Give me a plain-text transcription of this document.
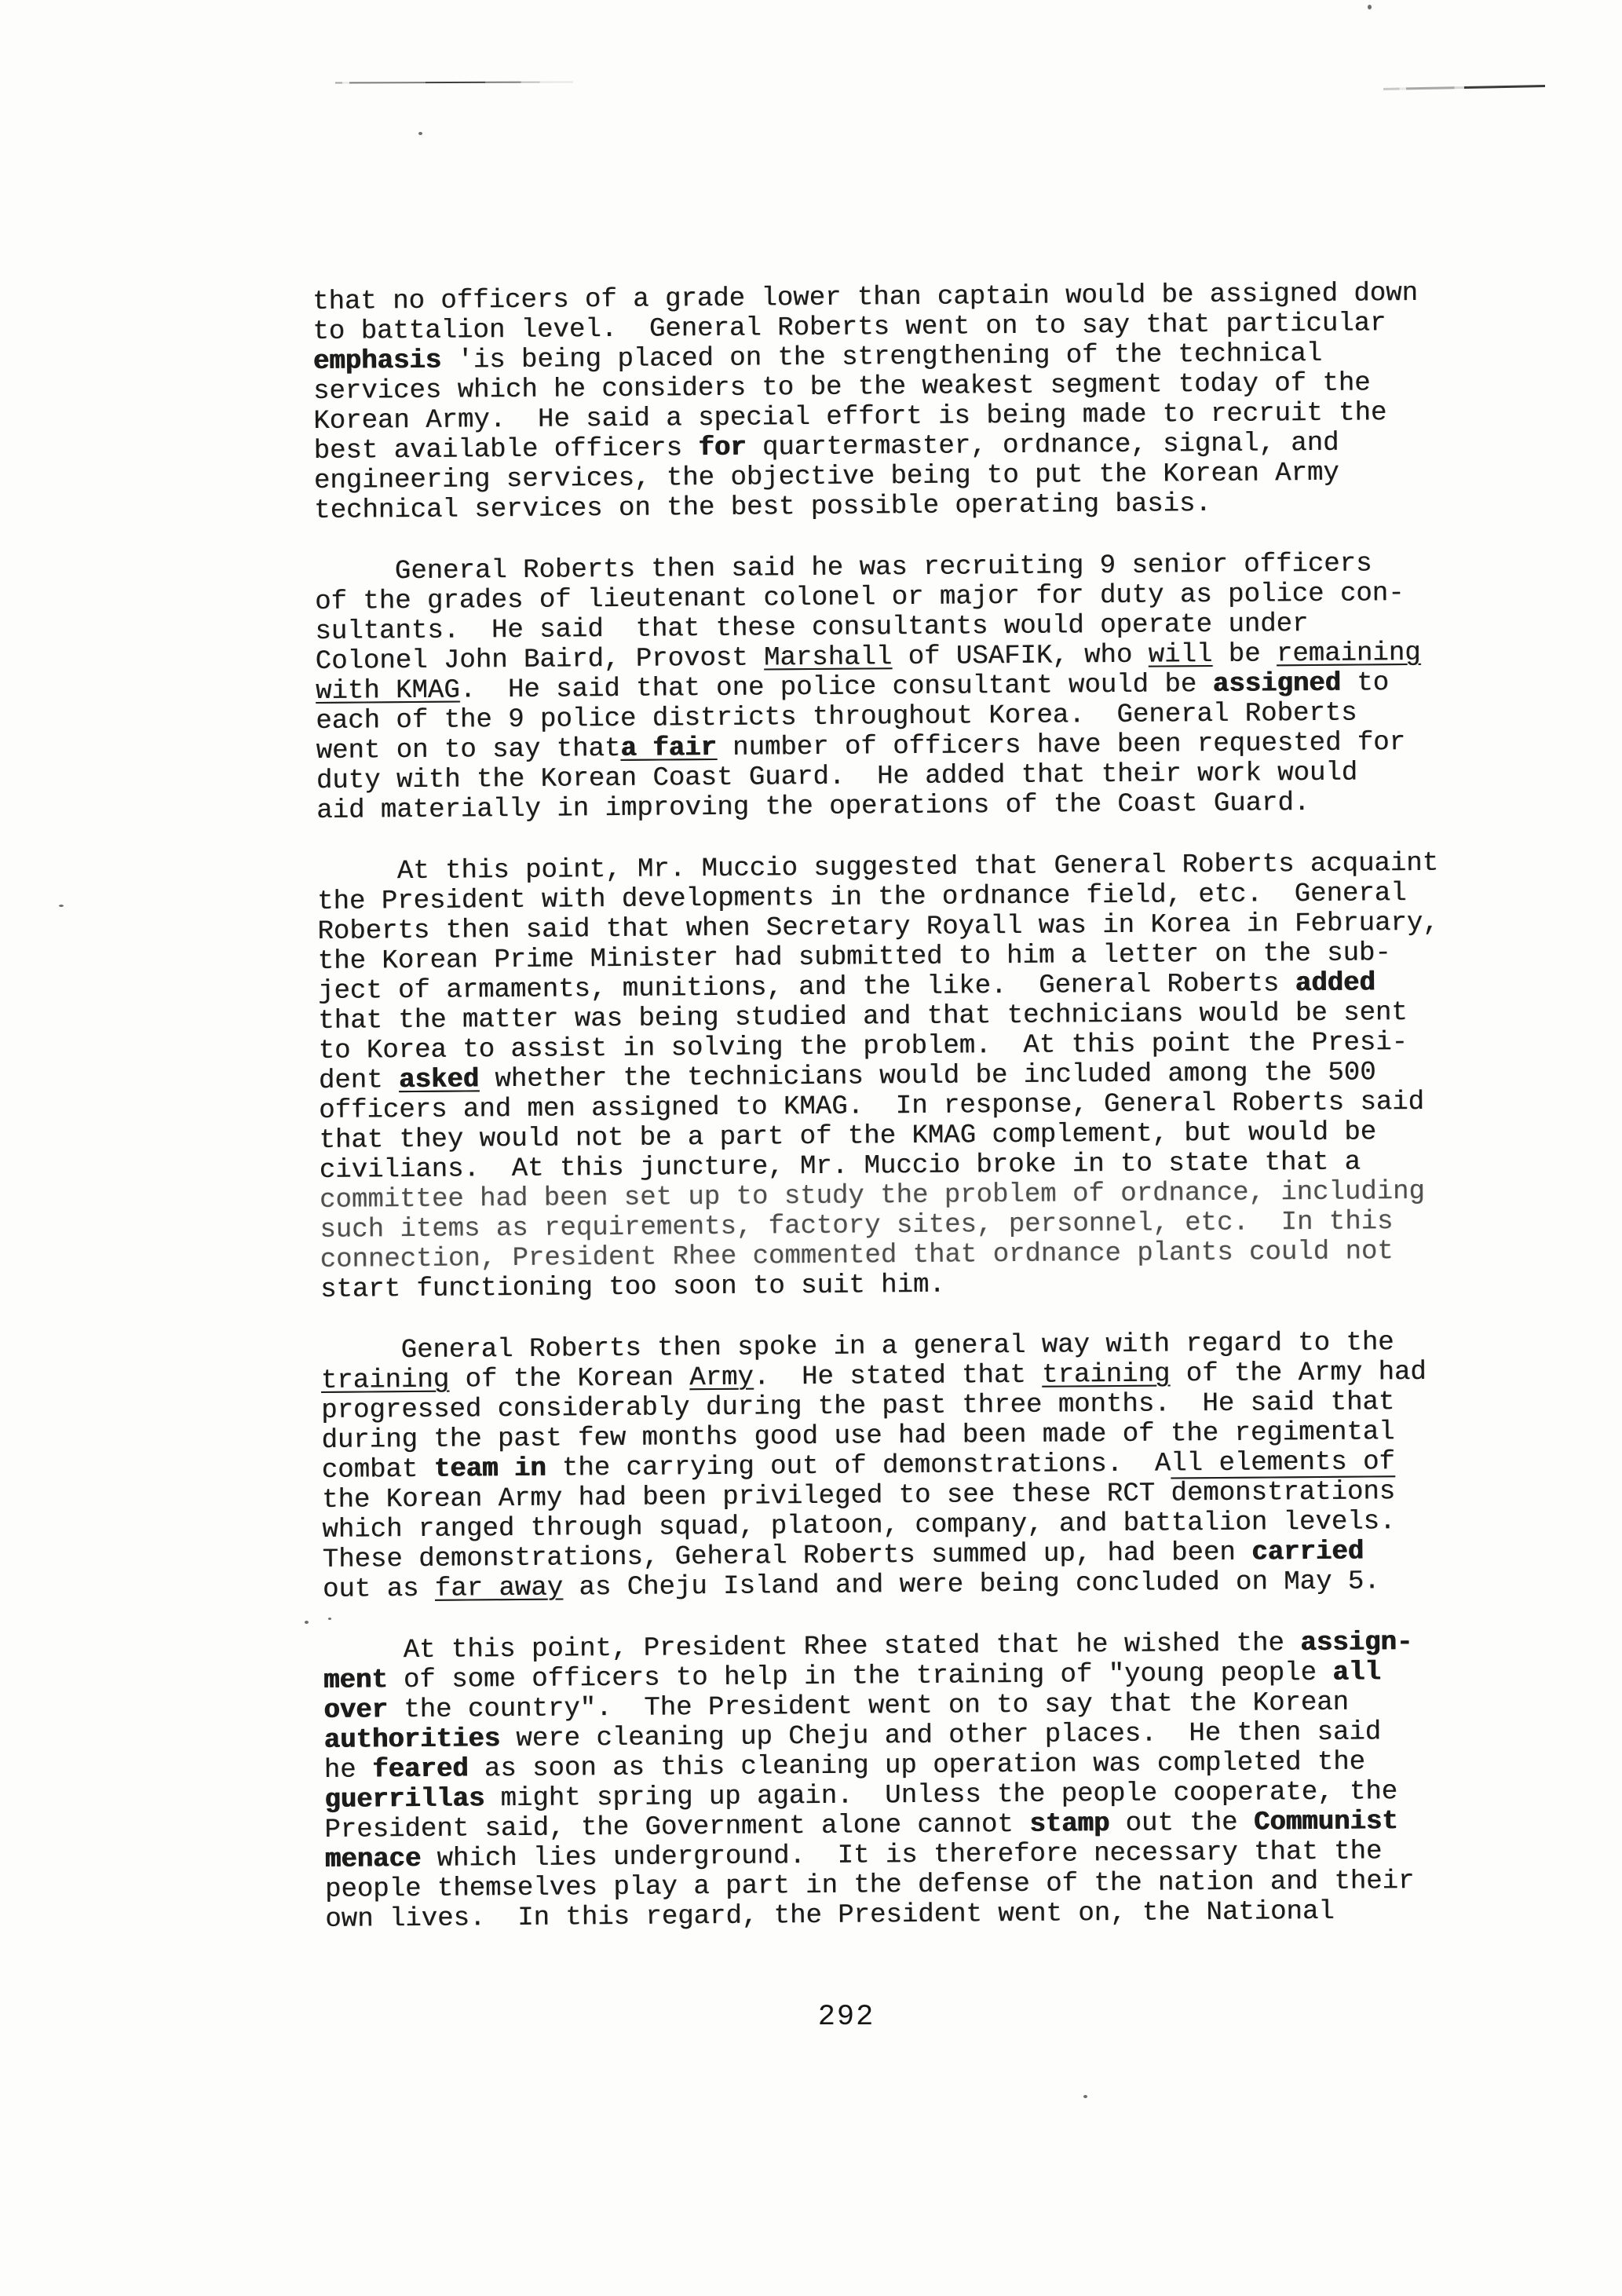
that no officers of a grade lower than captain would be assigned down
to battalion level.  General Roberts went on to say that particular
emphasis 'is being placed on the strengthening of the technical
services which he considers to be the weakest segment today of the
Korean Army.  He said a special effort is being made to recruit the
best available officers for quartermaster, ordnance, signal, and
engineering services, the objective being to put the Korean Army
technical services on the best possible operating basis.
General Roberts then said he was recruiting 9 senior officers
of the grades of lieutenant colonel or major for duty as police con-
sultants.  He said  that these consultants would operate under
Colonel John Baird, Provost Marshall of USAFIK, who will be remaining
with KMAG.  He said that one police consultant would be assigned to
each of the 9 police districts throughout Korea.  General Roberts
went on to say thata fair number of officers have been requested for
duty with the Korean Coast Guard.  He added that their work would
aid materially in improving the operations of the Coast Guard.
At this point, Mr. Muccio suggested that General Roberts acquaint
the President with developments in the ordnance field, etc.  General
Roberts then said that when Secretary Royall was in Korea in February,
the Korean Prime Minister had submitted to him a letter on the sub-
ject of armaments, munitions, and the like.  General Roberts added
that the matter was being studied and that technicians would be sent
to Korea to assist in solving the problem.  At this point the Presi-
dent asked whether the technicians would be included among the 500
officers and men assigned to KMAG.  In response, General Roberts said
that they would not be a part of the KMAG complement, but would be
civilians.  At this juncture, Mr. Muccio broke in to state that a
committee had been set up to study the problem of ordnance, including
such items as requirements, factory sites, personnel, etc.  In this
connection, President Rhee commented that ordnance plants could not
start functioning too soon to suit him.
General Roberts then spoke in a general way with regard to the
training of the Korean Army.  He stated that training of the Army had
progressed considerably during the past three months.  He said that
during the past few months good use had been made of the regimental
combat team in the carrying out of demonstrations.  All elements of
the Korean Army had been privileged to see these RCT demonstrations
which ranged through squad, platoon, company, and battalion levels.
These demonstrations, Geheral Roberts summed up, had been carried
out as far away as Cheju Island and were being concluded on May 5.
At this point, President Rhee stated that he wished the assign-
ment of some officers to help in the training of "young people all
over the country".  The President went on to say that the Korean
authorities were cleaning up Cheju and other places.  He then said
he feared as soon as this cleaning up operation was completed the
guerrillas might spring up again.  Unless the people cooperate, the
President said, the Government alone cannot stamp out the Communist
menace which lies underground.  It is therefore necessary that the
people themselves play a part in the defense of the nation and their
own lives.  In this regard, the President went on, the National
292
